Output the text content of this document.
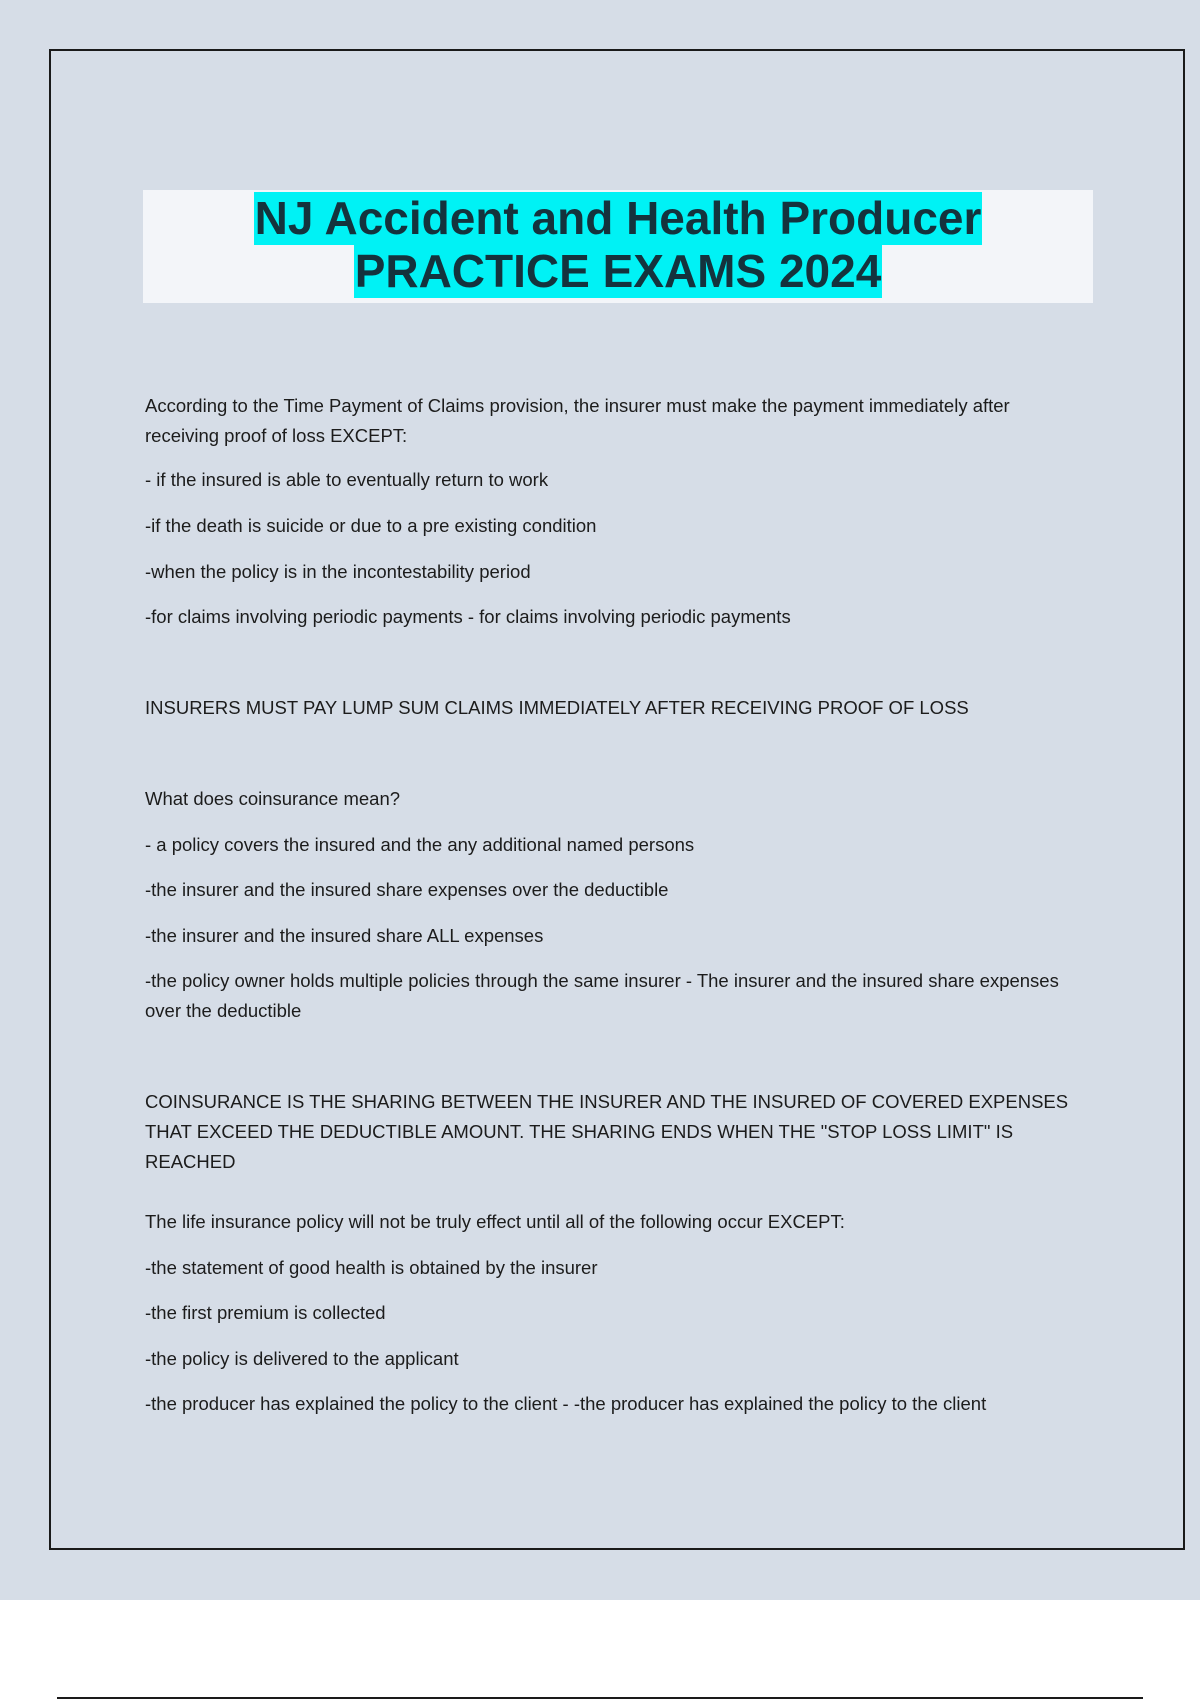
NJ Accident and Health Producer
PRACTICE EXAMS 2024
According to the Time Payment of Claims provision, the insurer must make the payment immediately after receiving proof of loss EXCEPT:
- if the insured is able to eventually return to work
-if the death is suicide or due to a pre existing condition
-when the policy is in the incontestability period
-for claims involving periodic payments - for claims involving periodic payments
INSURERS MUST PAY LUMP SUM CLAIMS IMMEDIATELY AFTER RECEIVING PROOF OF LOSS
What does coinsurance mean?
- a policy covers the insured and the any additional named persons
-the insurer and the insured share expenses over the deductible
-the insurer and the insured share ALL expenses
-the policy owner holds multiple policies through the same insurer - The insurer and the insured share expenses over the deductible
COINSURANCE IS THE SHARING BETWEEN THE INSURER AND THE INSURED OF COVERED EXPENSES THAT EXCEED THE DEDUCTIBLE AMOUNT. THE SHARING ENDS WHEN THE "STOP LOSS LIMIT" IS REACHED
The life insurance policy will not be truly effect until all of the following occur EXCEPT:
-the statement of good health is obtained by the insurer
-the first premium is collected
-the policy is delivered to the applicant
-the producer has explained the policy to the client - -the producer has explained the policy to the client
